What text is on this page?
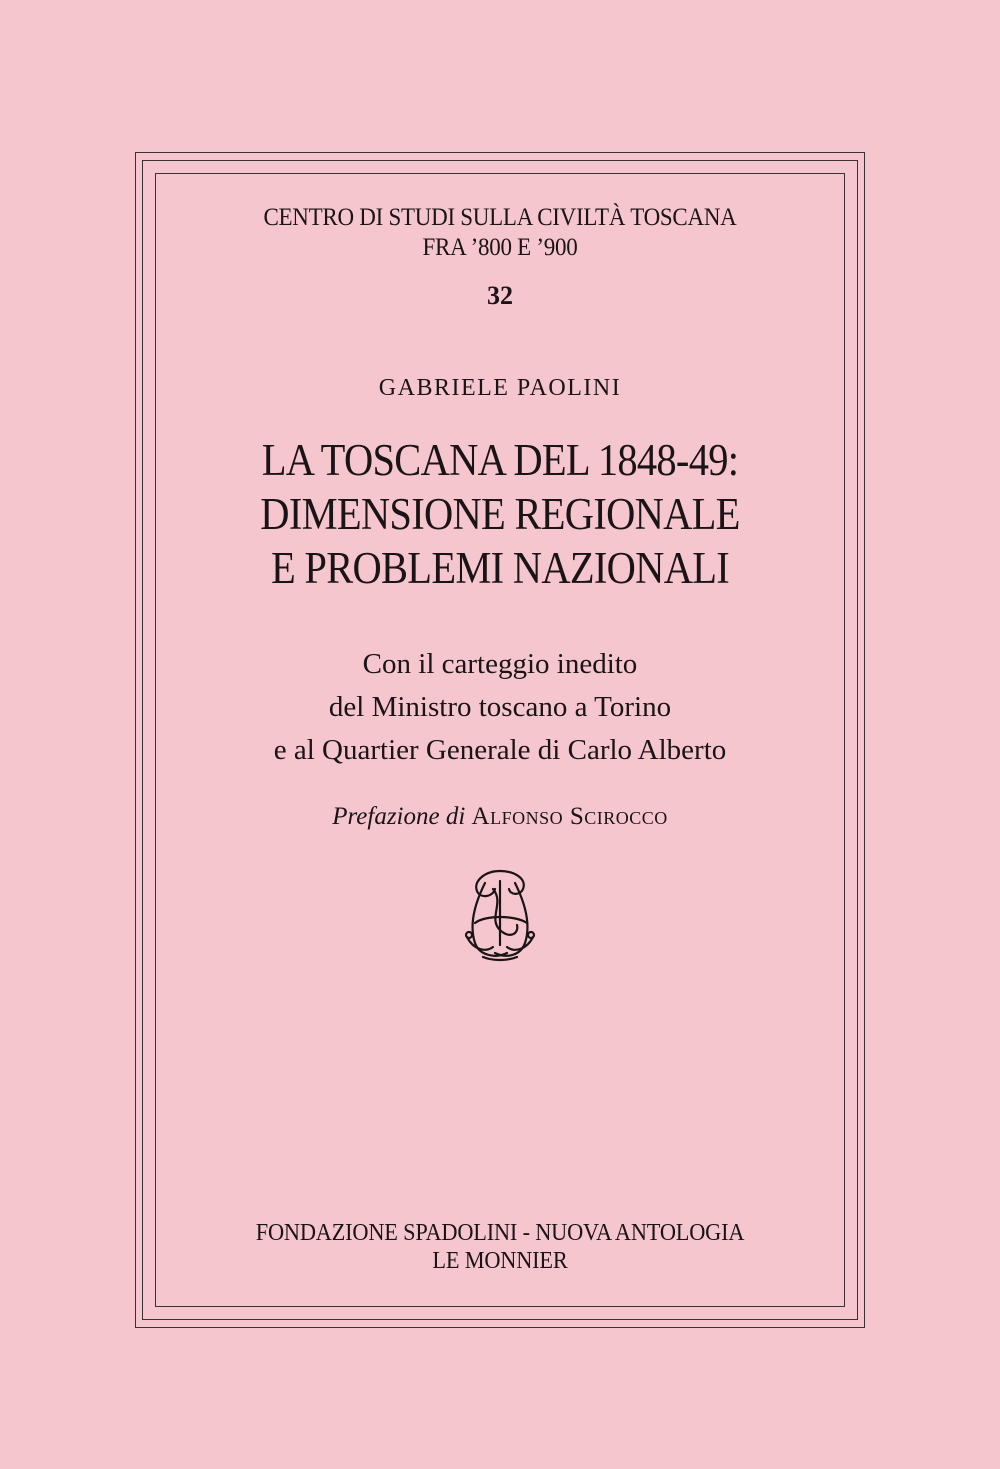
CENTRO DI STUDI SULLA CIVILTÀ TOSCANA
FRA ’800 E ’900
32
GABRIELE PAOLINI
LA TOSCANA DEL 1848-49:
DIMENSIONE REGIONALE
E PROBLEMI NAZIONALI
Con il carteggio inedito
del Ministro toscano a Torino
e al Quartier Generale di Carlo Alberto
Prefazione di Alfonso Scirocco
FONDAZIONE SPADOLINI - NUOVA ANTOLOGIA
LE MONNIER
